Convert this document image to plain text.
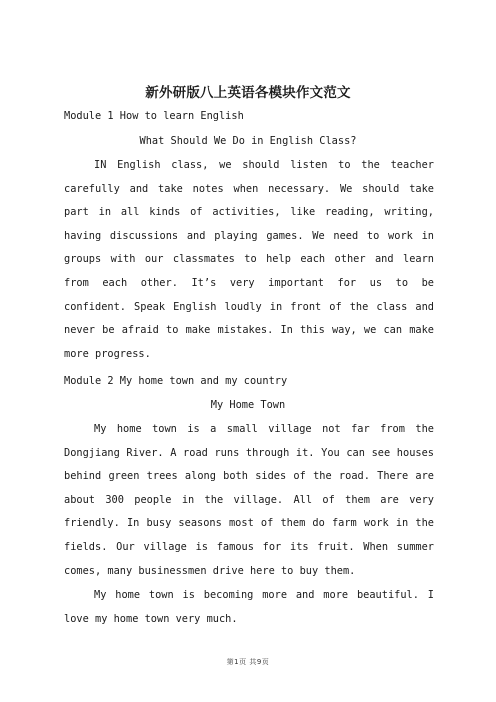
新外研版八上英语各模块作文范文
Module 1 How to learn English
What Should We Do in English Class?

IN English class, we should listen to the teacher carefully and take notes when necessary. We should take part in all kinds of activities, like reading, writing, having discussions and playing games. We need to work in groups with our classmates to help each other and learn from each other. It’s very important for us to be confident. Speak English loudly in front of the class and never be afraid to make mistakes. In this way, we can make more progress.

Module 2 My home town and my country
My Home Town

My home town is a small village not far from the Dongjiang River. A road runs through it. You can see houses behind green trees along both sides of the road. There are about 300 people in the village. All of them are very friendly. In busy seasons most of them do farm work in the fields. Our village is famous for its fruit. When summer comes, many businessmen drive here to buy them.

My home town is becoming more and more beautiful. I love my home town very much.

第1页 共9页
